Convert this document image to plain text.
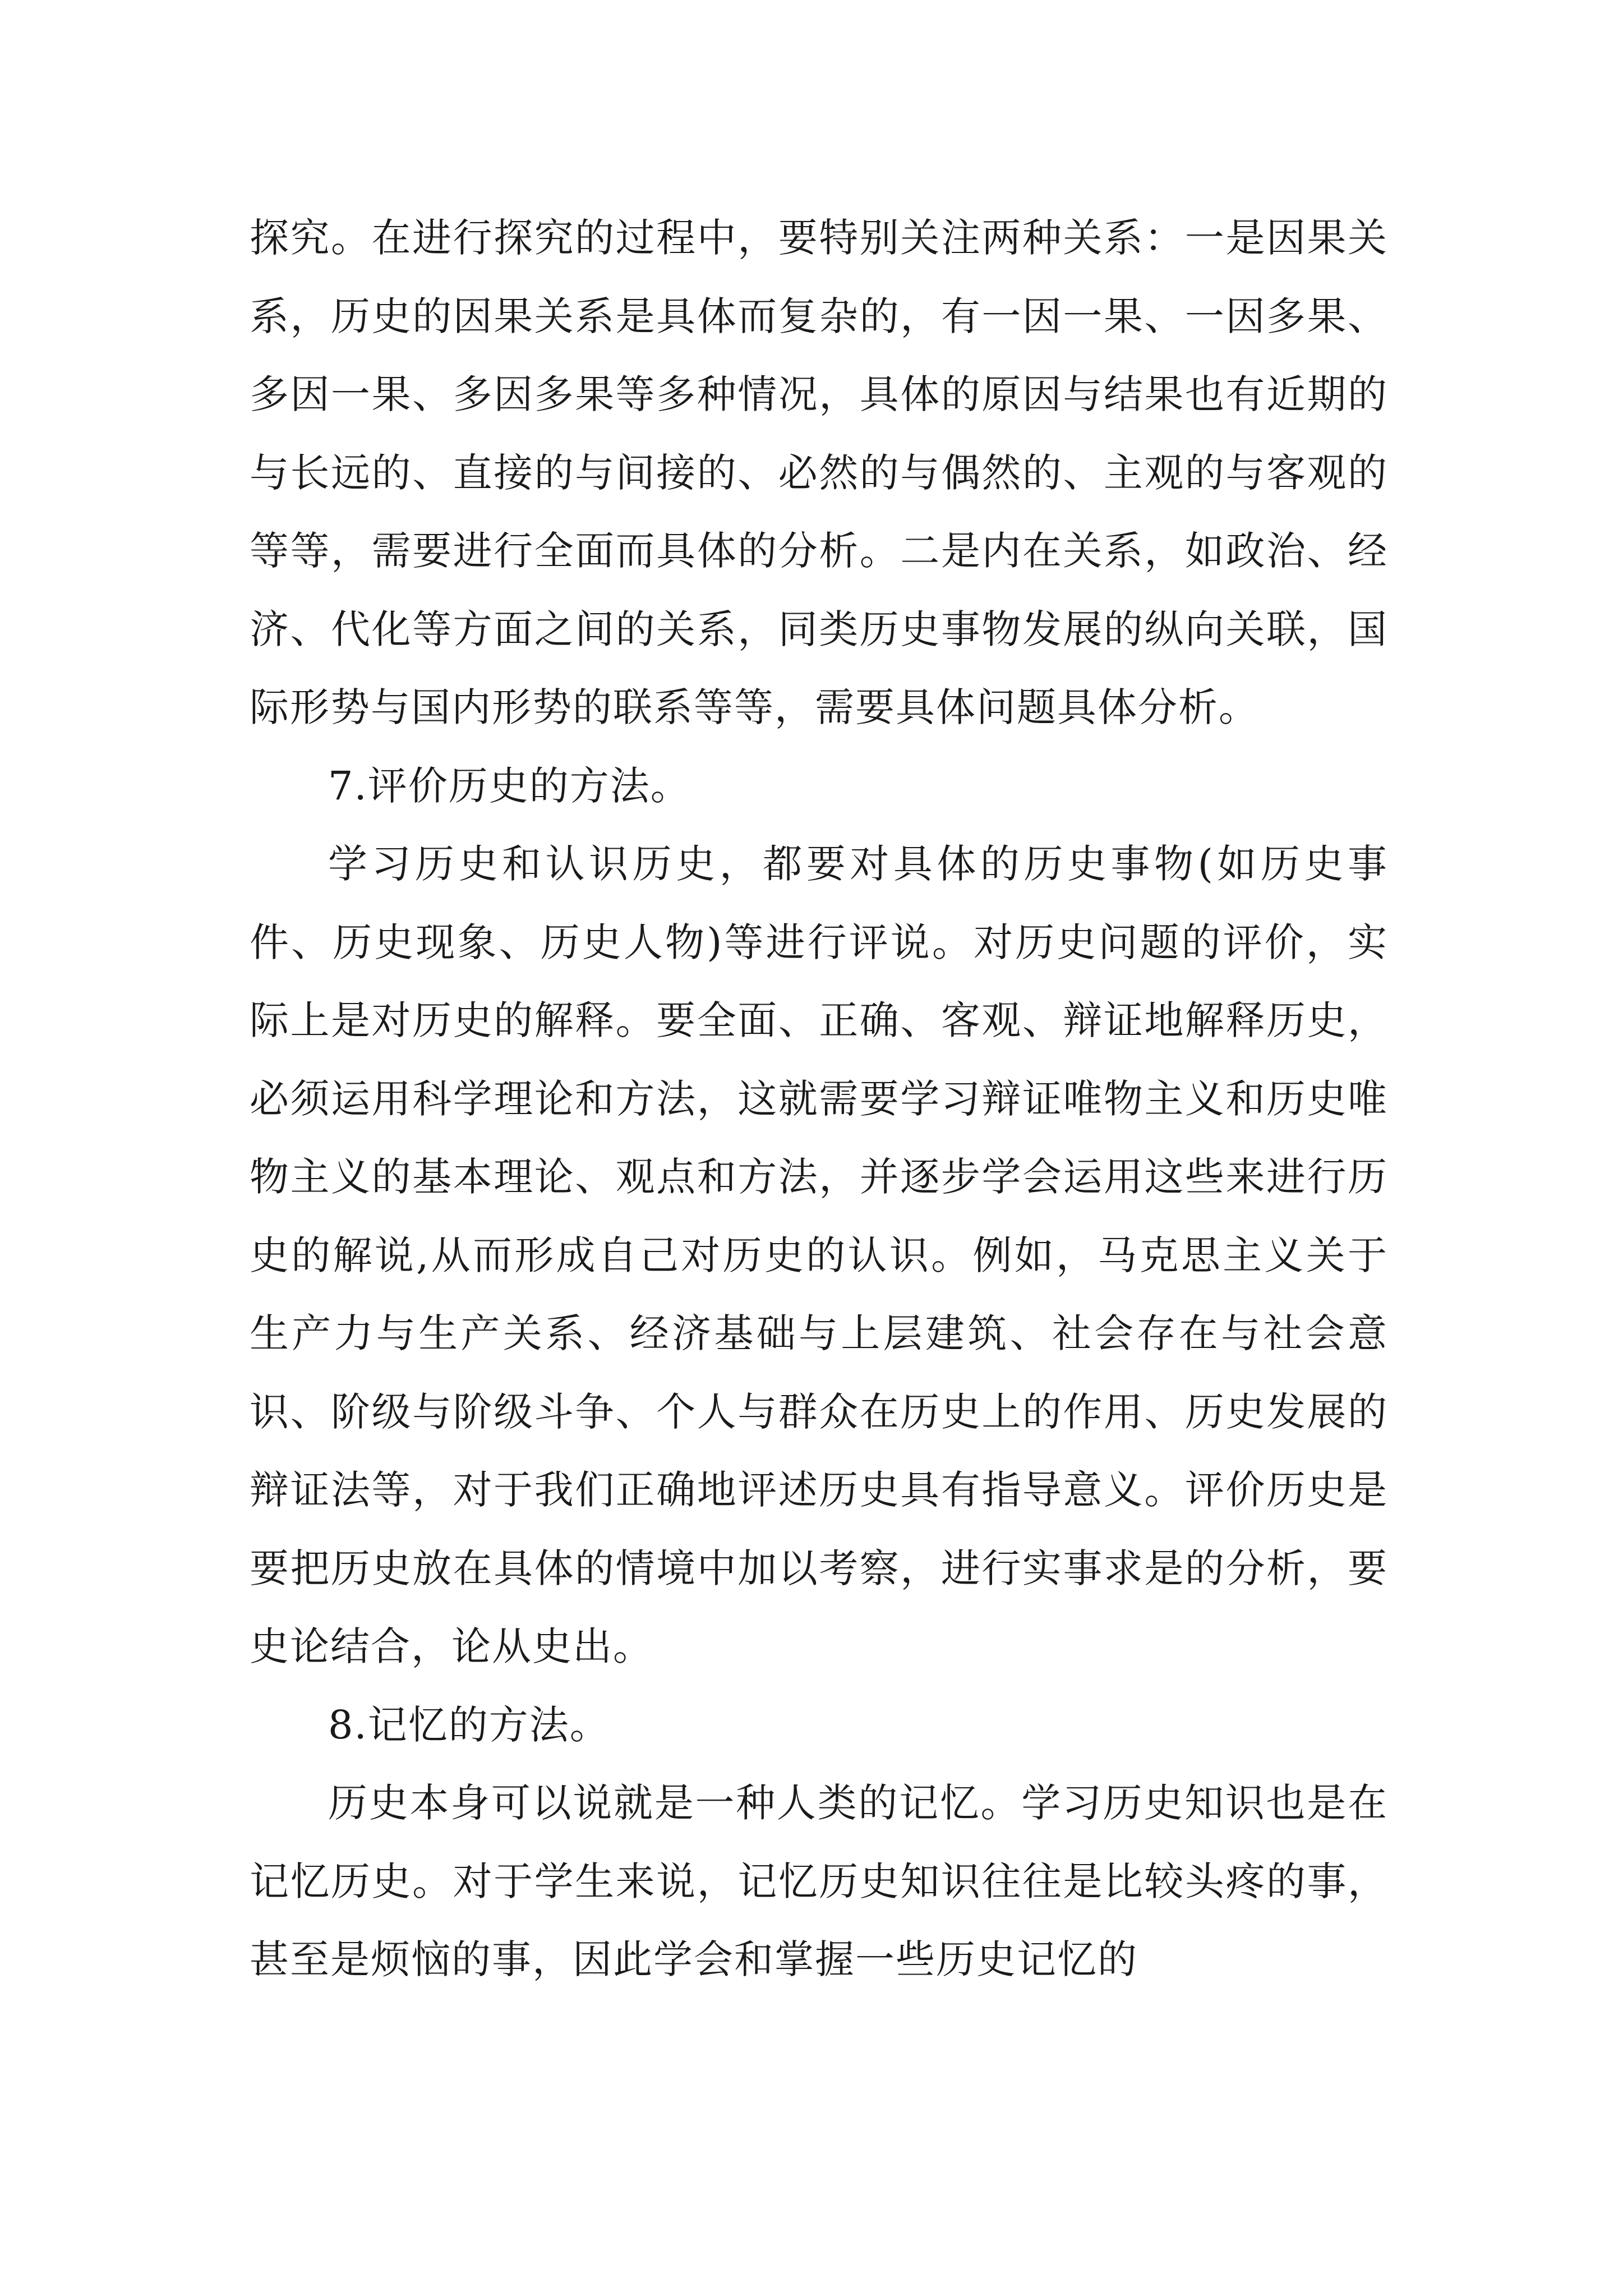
探究。在进行探究的过程中，要特别关注两种关系：一是因果关系，历史的因果关系是具体而复杂的，有一因一果、一因多果、多因一果、多因多果等多种情况，具体的原因与结果也有近期的与长远的、直接的与间接的、必然的与偶然的、主观的与客观的等等，需要进行全面而具体的分析。二是内在关系，如政治、经济、代化等方面之间的关系，同类历史事物发展的纵向关联，国际形势与国内形势的联系等等，需要具体问题具体分析。

7.评价历史的方法。

学习历史和认识历史，都要对具体的历史事物(如历史事件、历史现象、历史人物)等进行评说。对历史问题的评价，实际上是对历史的解释。要全面、正确、客观、辩证地解释历史，必须运用科学理论和方法，这就需要学习辩证唯物主义和历史唯物主义的基本理论、观点和方法，并逐步学会运用这些来进行历史的解说,从而形成自己对历史的认识。例如，马克思主义关于生产力与生产关系、经济基础与上层建筑、社会存在与社会意识、阶级与阶级斗争、个人与群众在历史上的作用、历史发展的辩证法等，对于我们正确地评述历史具有指导意义。评价历史是要把历史放在具体的情境中加以考察，进行实事求是的分析，要史论结合，论从史出。

8.记忆的方法。

历史本身可以说就是一种人类的记忆。学习历史知识也是在记忆历史。对于学生来说，记忆历史知识往往是比较头疼的事，甚至是烦恼的事，因此学会和掌握一些历史记忆的
